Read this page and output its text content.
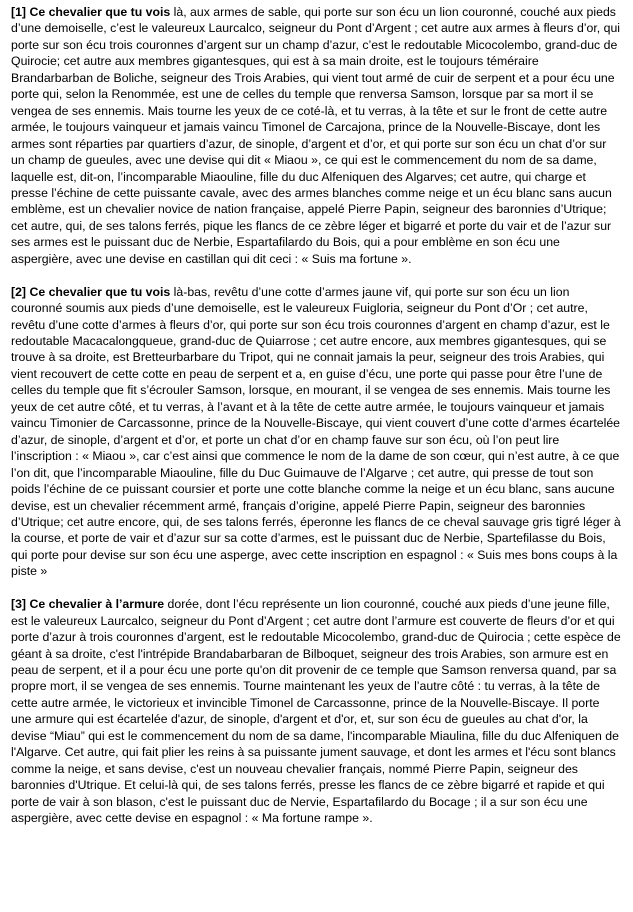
[1] Ce chevalier que tu vois là, aux armes de sable, qui porte sur son écu un lion couronné, couché aux pieds d’une demoiselle, c’est le valeureux Laurcalco, seigneur du Pont d’Argent ; cet autre aux armes à fleurs d’or, qui porte sur son écu trois couronnes d’argent sur un champ d’azur, c’est le redoutable Micocolembo, grand-duc de Quirocie; cet autre aux membres gigantesques, qui est à sa main droite, est le toujours téméraire Brandarbarban de Boliche, seigneur des Trois Arabies, qui vient tout armé de cuir de serpent et a pour écu une porte qui, selon la Renommée, est une de celles du temple que renversa Samson, lorsque par sa mort il se vengea de ses ennemis. Mais tourne les yeux de ce coté-là, et tu verras, à la tête et sur le front de cette autre armée, le toujours vainqueur et jamais vaincu Timonel de Carcajona, prince de la Nouvelle-Biscaye, dont les armes sont réparties par quartiers d’azur, de sinople, d’argent et d’or, et qui porte sur son écu un chat d’or sur un champ de gueules, avec une devise qui dit « Miaou », ce qui est le commencement du nom de sa dame, laquelle est, dit-on, l’incomparable Miaouline, fille du duc Alfeniquen des Algarves; cet autre, qui charge et presse l’échine de cette puissante cavale, avec des armes blanches comme neige et un écu blanc sans aucun emblème, est un chevalier novice de nation française, appelé Pierre Papin, seigneur des baronnies d’Utrique; cet autre, qui, de ses talons ferrés, pique les flancs de ce zèbre léger et bigarré et porte du vair et de l’azur sur ses armes est le puissant duc de Nerbie, Espartafilardo du Bois, qui a pour emblème en son écu une aspergière, avec une devise en castillan qui dit ceci : « Suis ma fortune ».

[2] Ce chevalier que tu vois là-bas, revêtu d’une cotte d’armes jaune vif, qui porte sur son écu un lion couronné soumis aux pieds d’une demoiselle, est le valeureux Fuigloria, seigneur du Pont d’Or ; cet autre, revêtu d’une cotte d’armes à fleurs d’or, qui porte sur son écu trois couronnes d’argent en champ d’azur, est le redoutable Macacalongqueue, grand-duc de Quiarrose ; cet autre encore, aux membres gigantesques, qui se trouve à sa droite, est Bretteurbarbare du Tripot, qui ne connait jamais la peur, seigneur des trois Arabies, qui vient recouvert de cette cotte en peau de serpent et a, en guise d’écu, une porte qui passe pour être l’une de celles du temple que fit s’écrouler Samson, lorsque, en mourant, il se vengea de ses ennemis. Mais tourne les yeux de cet autre côté, et tu verras, à l’avant et à la tête de cette autre armée, le toujours vainqueur et jamais vaincu Timonier de Carcassonne, prince de la Nouvelle-Biscaye, qui vient couvert d’une cotte d’armes écartelée d’azur, de sinople, d’argent et d’or, et porte un chat d’or en champ fauve sur son écu, où l’on peut lire l’inscription : « Miaou », car c’est ainsi que commence le nom de la dame de son cœur, qui n’est autre, à ce que l’on dit, que l’incomparable Miaouline, fille du Duc Guimauve de l’Algarve ; cet autre, qui presse de tout son poids l’échine de ce puissant coursier et porte une cotte blanche comme la neige et un écu blanc, sans aucune devise, est un chevalier récemment armé, français d’origine, appelé Pierre Papin, seigneur des baronnies d’Utrique; cet autre encore, qui, de ses talons ferrés, éperonne les flancs de ce cheval sauvage gris tigré léger à la course, et porte de vair et d’azur sur sa cotte d’armes, est le puissant duc de Nerbie, Spartefilasse du Bois, qui porte pour devise sur son écu une asperge, avec cette inscription en espagnol : « Suis mes bons coups à la piste »

[3] Ce chevalier à l’armure dorée, dont l’écu représente un lion couronné, couché aux pieds d’une jeune fille, est le valeureux Laurcalco, seigneur du Pont d’Argent ; cet autre dont l’armure est couverte de fleurs d’or et qui porte d’azur à trois couronnes d’argent, est le redoutable Micocolembo, grand-duc de Quirocia ; cette espèce de géant à sa droite, c'est l'intrépide Brandabarbaran de Bilboquet, seigneur des trois Arabies, son armure est en peau de serpent, et il a pour écu une porte qu'on dit provenir de ce temple que Samson renversa quand, par sa propre mort, il se vengea de ses ennemis. Tourne maintenant les yeux de l’autre côté : tu verras, à la tête de cette autre armée, le victorieux et invincible Timonel de Carcassonne, prince de la Nouvelle-Biscaye. Il porte une armure qui est écartelée d'azur, de sinople, d'argent et d'or, et, sur son écu de gueules au chat d'or, la devise “Miau” qui est le commencement du nom de sa dame, l'incomparable Miaulina, fille du duc Alfeniquen de l'Algarve. Cet autre, qui fait plier les reins à sa puissante jument sauvage, et dont les armes et l'écu sont blancs comme la neige, et sans devise, c'est un nouveau chevalier français, nommé Pierre Papin, seigneur des baronnies d'Utrique. Et celui-là qui, de ses talons ferrés, presse les flancs de ce zèbre bigarré et rapide et qui porte de vair à son blason, c'est le puissant duc de Nervie, Espartafilardo du Bocage ; il a sur son écu une aspergière, avec cette devise en espagnol : « Ma fortune rampe ».
